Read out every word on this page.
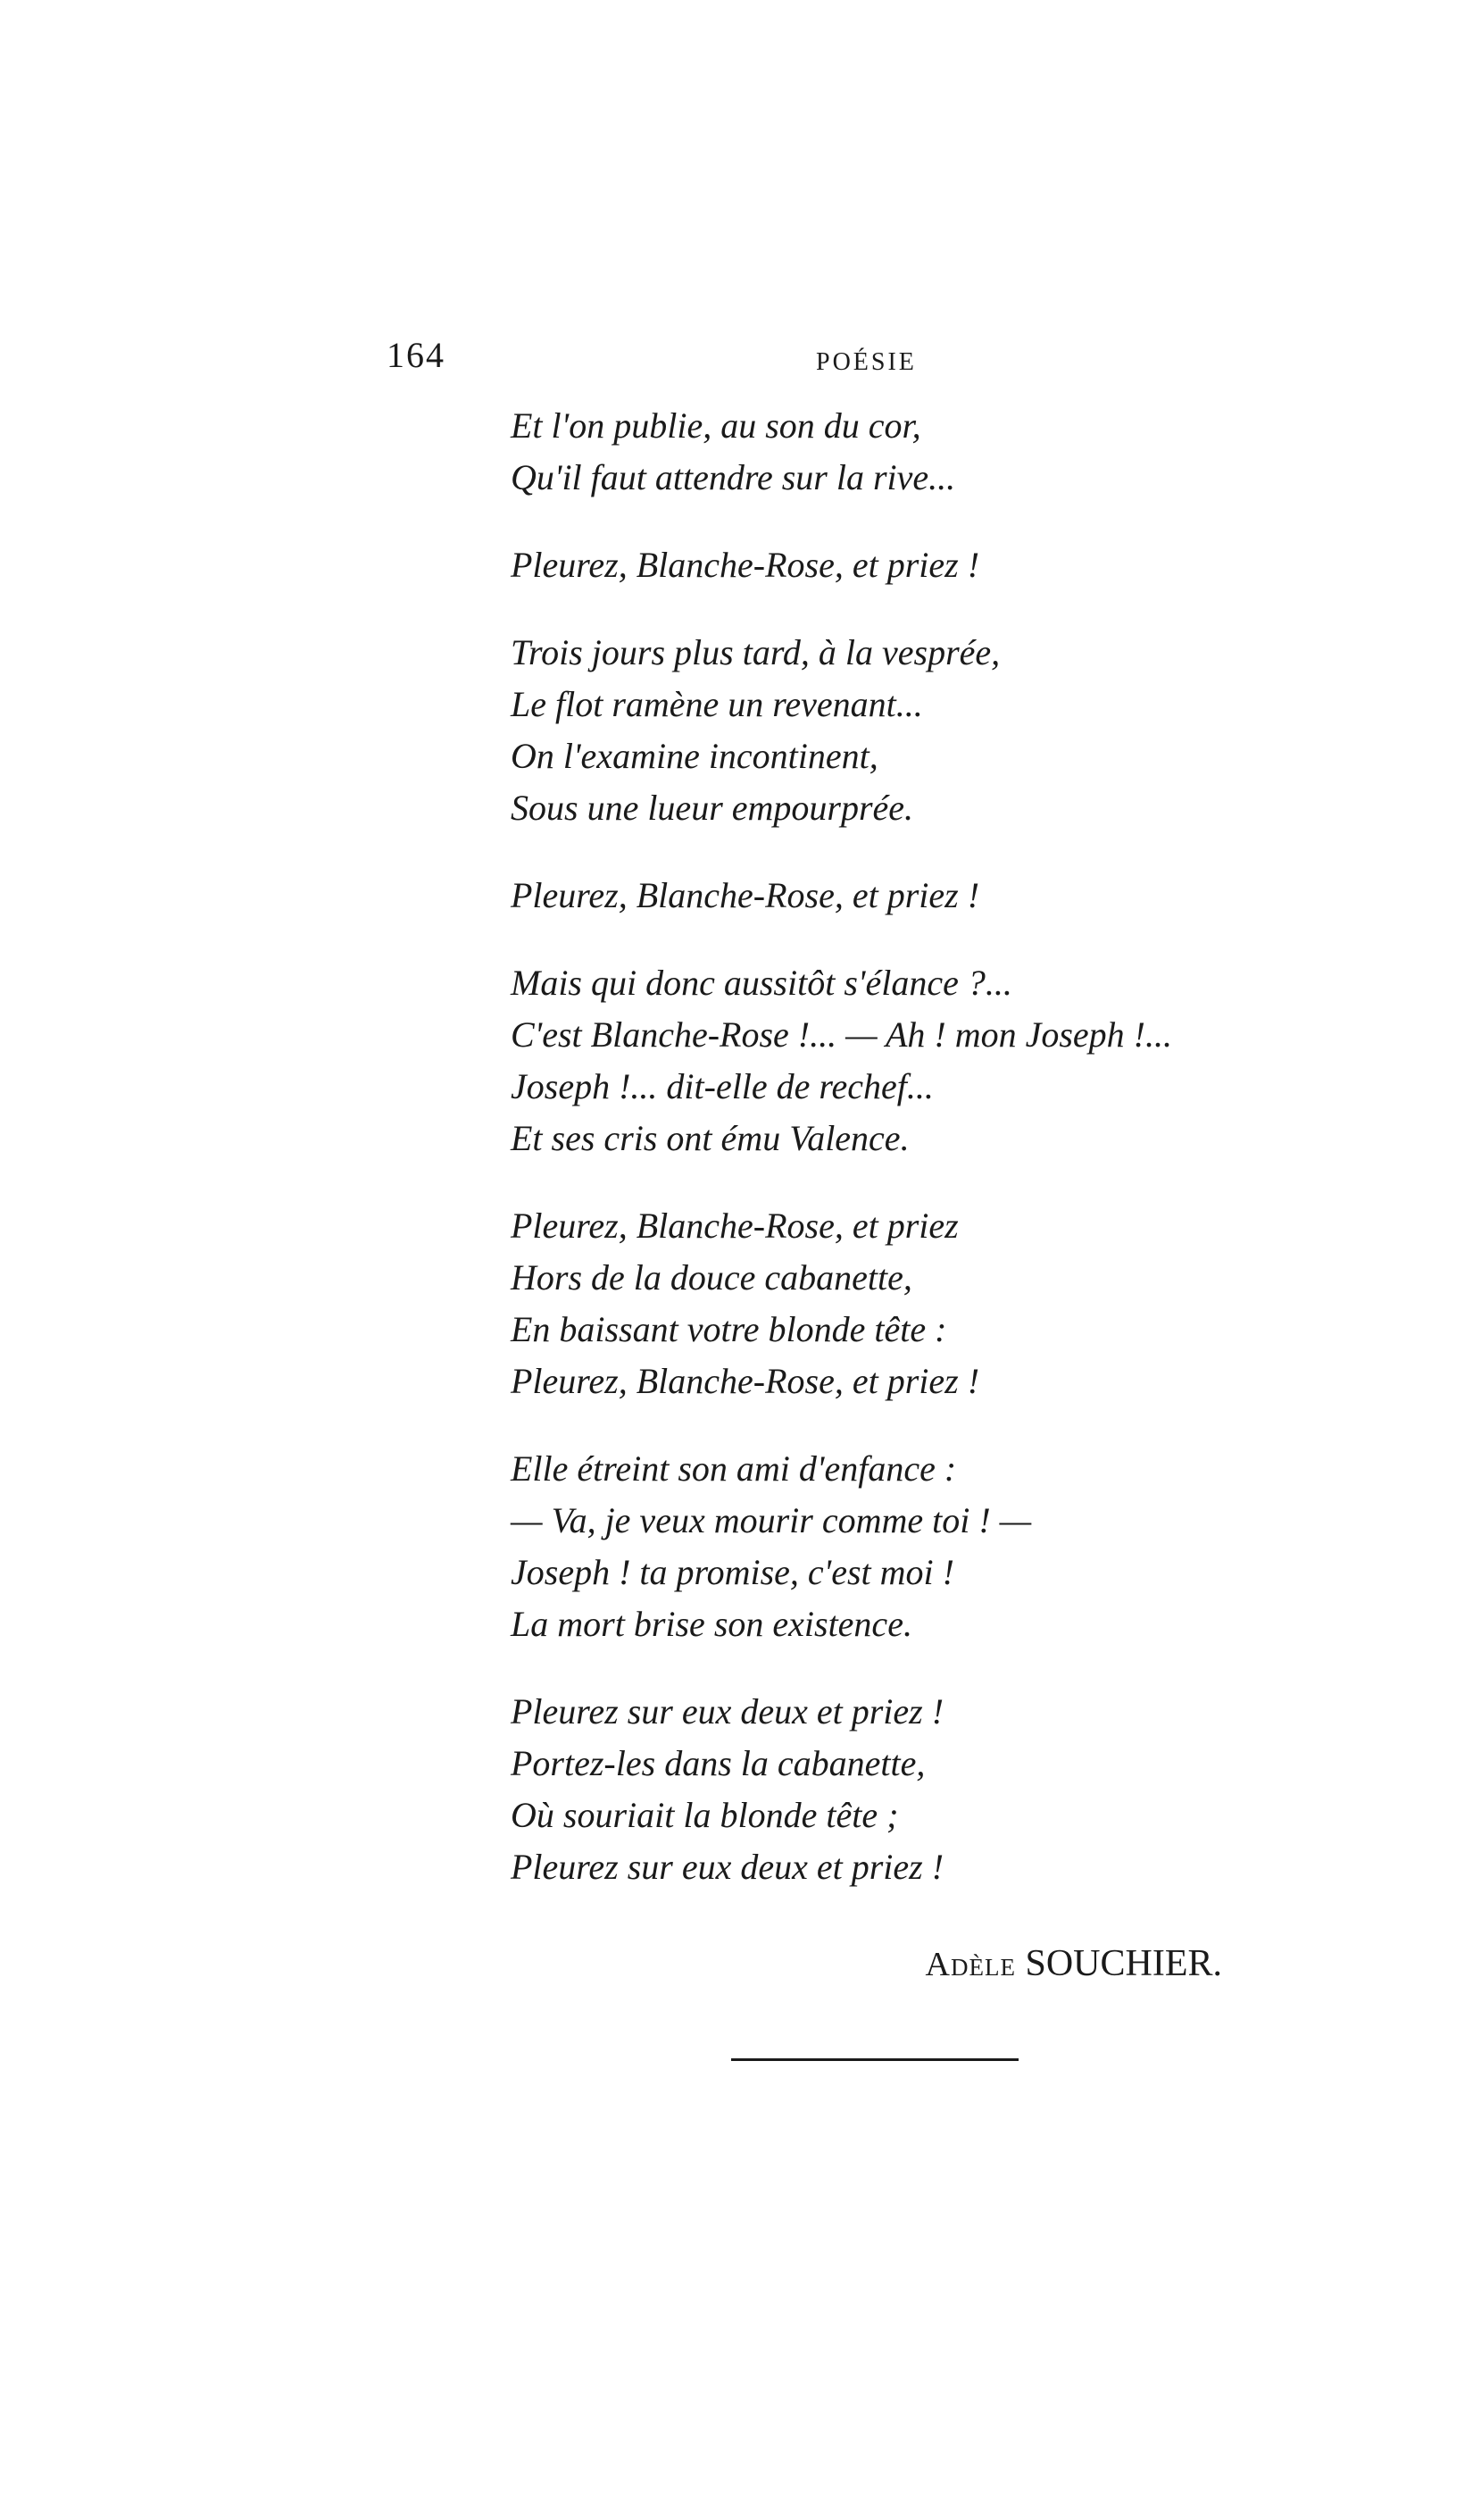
164	POÉSIE
Et l'on publie, au son du cor,
Qu'il faut attendre sur la rive...
Pleurez, Blanche-Rose, et priez !
Trois jours plus tard, à la vesprée,
Le flot ramène un revenant...
On l'examine incontinent,
Sous une lueur empourprée.
Pleurez, Blanche-Rose, et priez !
Mais qui donc aussitôt s'élance ?...
C'est Blanche-Rose !... — Ah ! mon Joseph !...
Joseph !... dit-elle de rechef...
Et ses cris ont ému Valence.
Pleurez, Blanche-Rose, et priez
Hors de la douce cabanette,
En baissant votre blonde tête :
Pleurez, Blanche-Rose, et priez !
Elle étreint son ami d'enfance :
— Va, je veux mourir comme toi ! —
Joseph ! ta promise, c'est moi !
La mort brise son existence.
Pleurez sur eux deux et priez !
Portez-les dans la cabanette,
Où souriait la blonde tête ;
Pleurez sur eux deux et priez !
Adèle SOUCHIER.
